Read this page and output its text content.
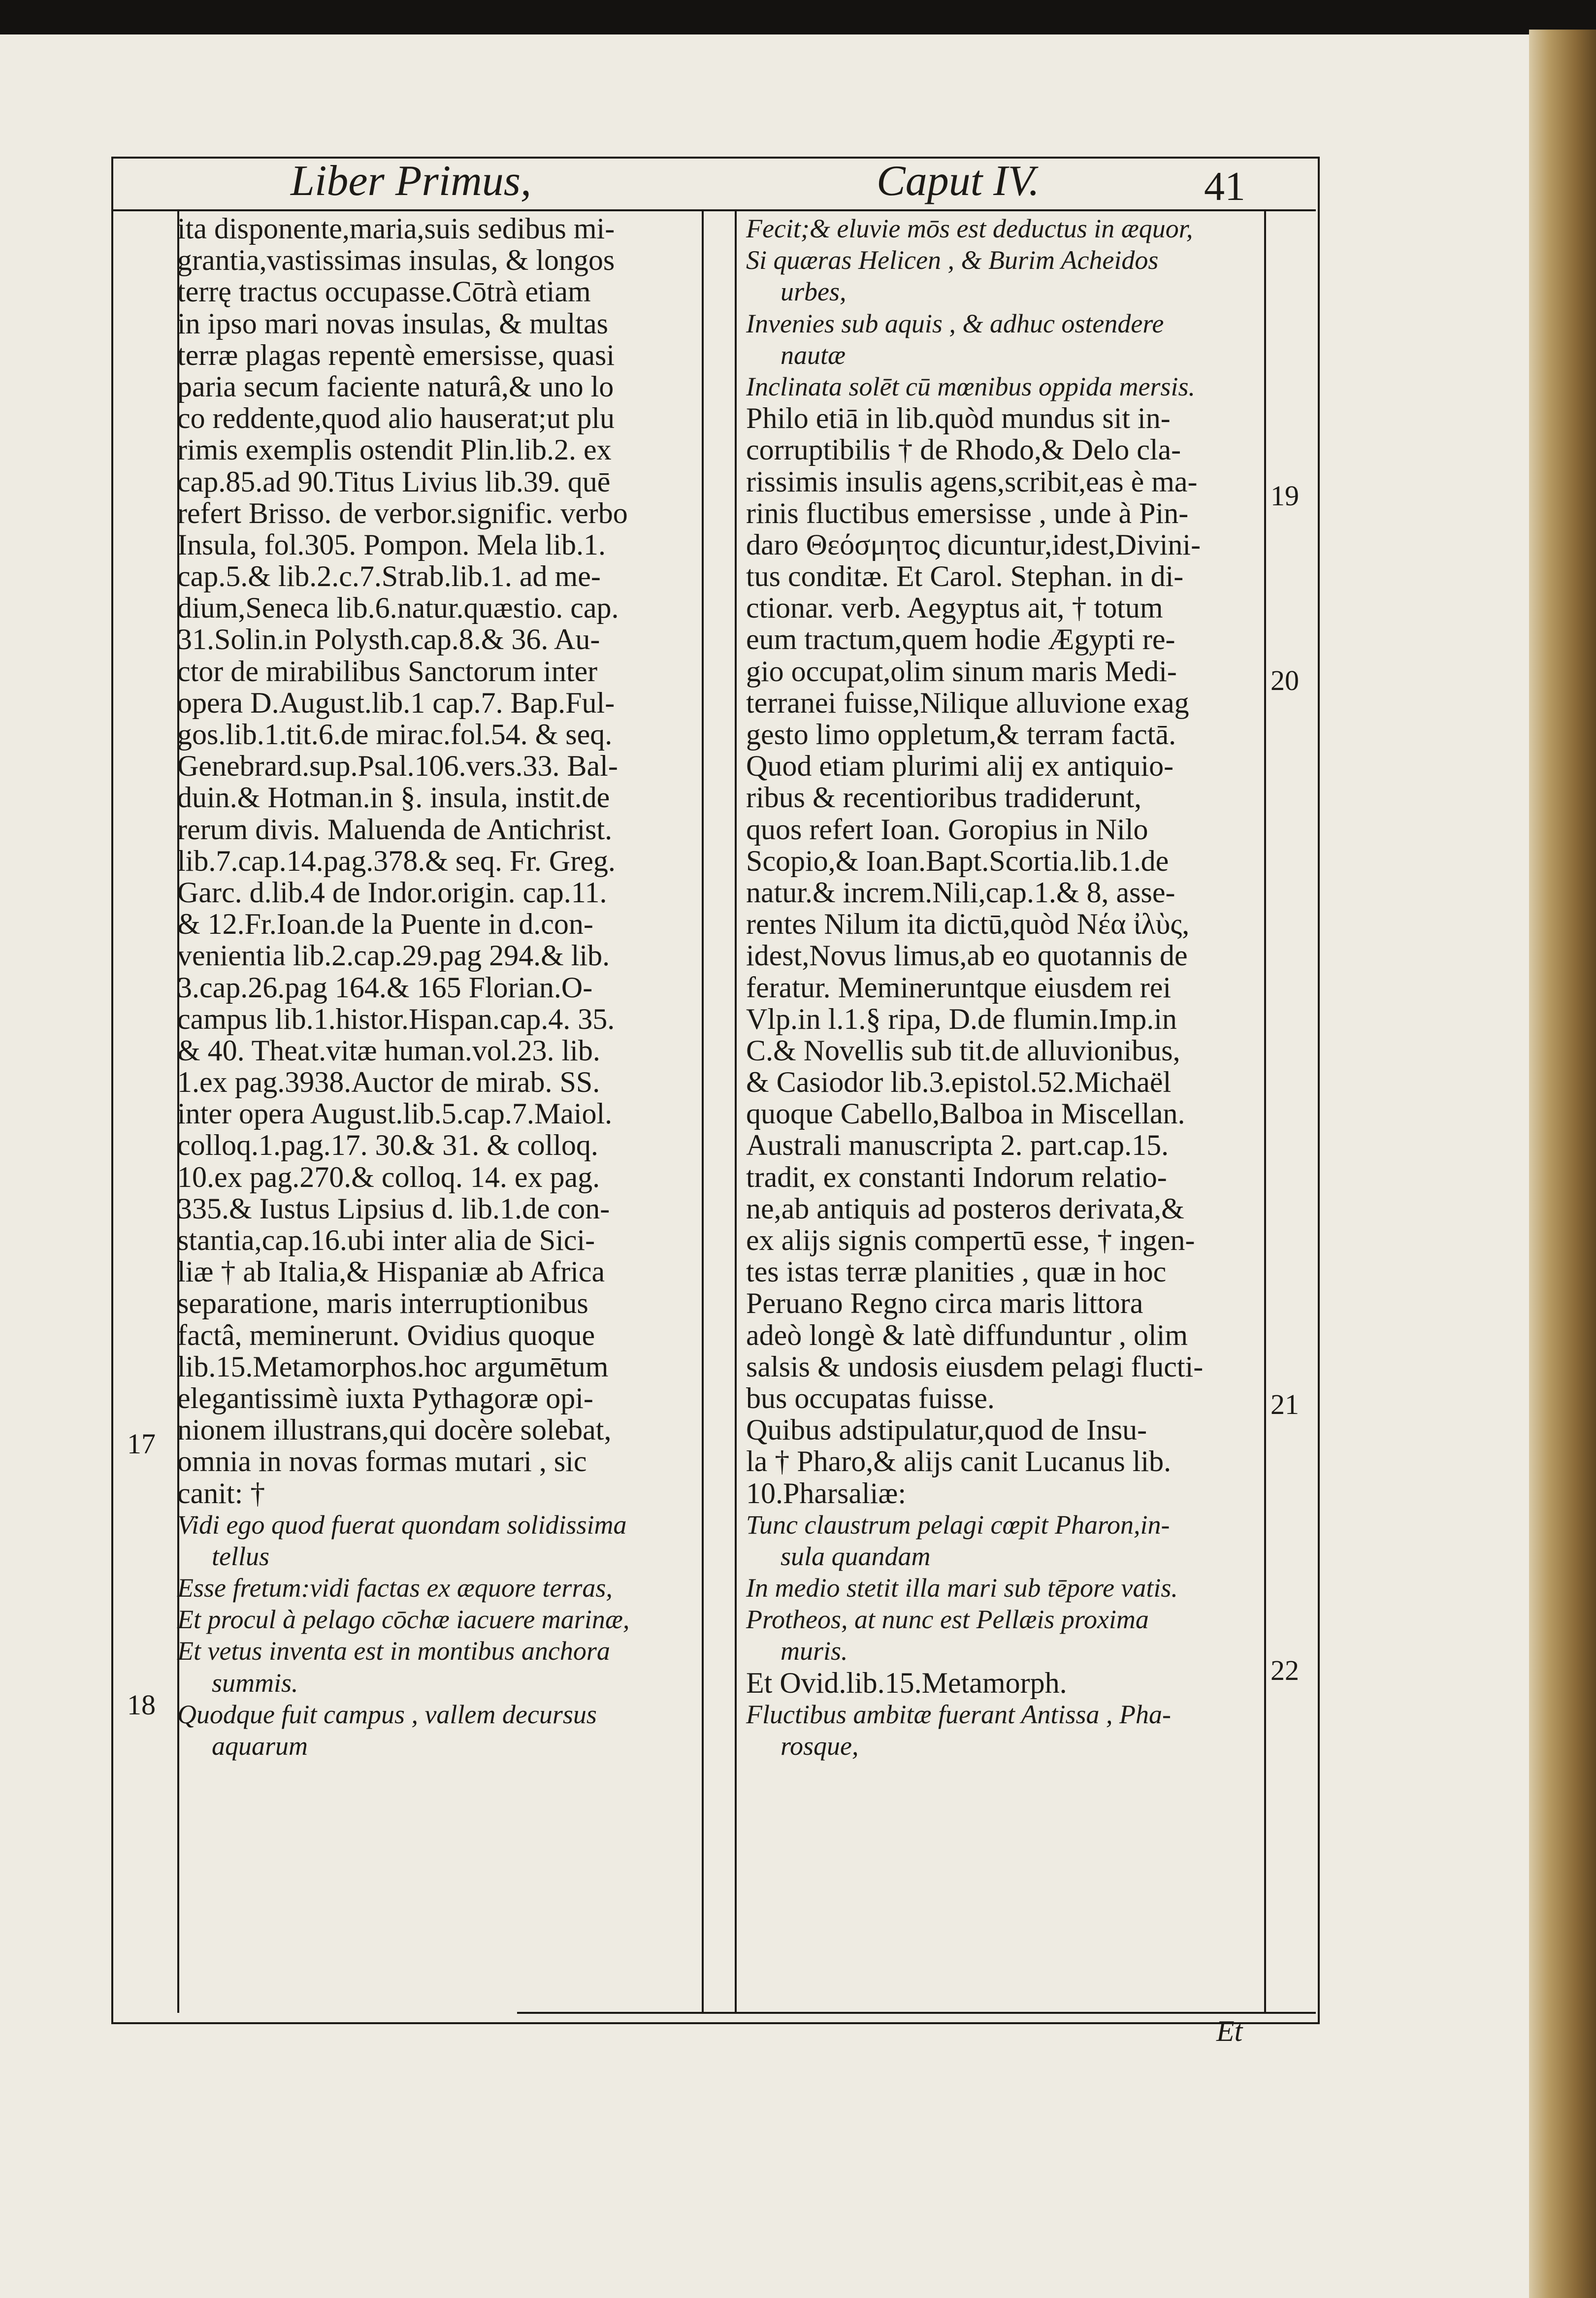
Liber Primus,	Caput IV.	41
ita disponente,maria,suis sedibus mi-
grantia,vastissimas insulas, & longos
terrę tractus occupasse.Cōtrà etiam
in ipso mari novas insulas, & multas
terræ plagas repentè emersisse, quasi
paria secum faciente naturâ,& uno lo
co reddente,quod alio hauserat;ut plu
rimis exemplis ostendit Plin.lib.2. ex
cap.85.ad 90.Titus Livius lib.39. quē
refert Brisso. de verbor.signific. verbo
Insula, fol.305. Pompon. Mela lib.1.
cap.5.& lib.2.c.7.Strab.lib.1. ad me-
dium,Seneca lib.6.natur.quæstio. cap.
31.Solin.in Polysth.cap.8.& 36. Au-
ctor de mirabilibus Sanctorum inter
opera D.August.lib.1 cap.7. Bap.Ful-
gos.lib.1.tit.6.de mirac.fol.54. & seq.
Genebrard.sup.Psal.106.vers.33. Bal-
duin.& Hotman.in §. insula, instit.de
rerum divis. Maluenda de Antichrist.
lib.7.cap.14.pag.378.& seq. Fr. Greg.
Garc. d.lib.4 de Indor.origin. cap.11.
& 12.Fr.Ioan.de la Puente in d.con-
venientia lib.2.cap.29.pag 294.& lib.
3.cap.26.pag 164.& 165 Florian.O-
campus lib.1.histor.Hispan.cap.4. 35.
& 40. Theat.vitæ human.vol.23. lib.
1.ex pag.3938.Auctor de mirab. SS.
inter opera August.lib.5.cap.7.Maiol.
colloq.1.pag.17. 30.& 31. & colloq.
10.ex pag.270.& colloq. 14. ex pag.
335.& Iustus Lipsius d. lib.1.de con-
stantia,cap.16.ubi inter alia de Sici-
liæ † ab Italia,& Hispaniæ ab Africa
separatione, maris interruptionibus
factâ, meminerunt. Ovidius quoque
lib.15.Metamorphos.hoc argumētum
elegantissimè iuxta Pythagoræ opi-
nionem illustrans,qui docère solebat,
omnia in novas formas mutari , sic
canit: †
Vidi ego quod fuerat quondam solidissima
tellus
Esse fretum:vidi factas ex æquore terras,
Et procul à pelago cōchæ iacuere marinæ,
Et vetus inventa est in montibus anchora
summis.
Quodque fuit campus , vallem decursus
aquarum
Fecit;& eluvie mōs est deductus in æquor,
Si quæras Helicen , & Burim Acheidos
urbes,
Invenies sub aquis , & adhuc ostendere
nautæ
Inclinata solēt cū mœnibus oppida mersis.
Philo etiā in lib.quòd mundus sit in-
corruptibilis † de Rhodo,& Delo cla-
rissimis insulis agens,scribit,eas è ma-
rinis fluctibus emersisse , unde à Pin-
daro Θεόσμητος dicuntur,idest,Divini-
tus conditæ. Et Carol. Stephan. in di-
ctionar. verb. Aegyptus ait, † totum
eum tractum,quem hodie Ægypti re-
gio occupat,olim sinum maris Medi-
terranei fuisse,Nilique alluvione exag
gesto limo oppletum,& terram factā.
Quod etiam plurimi alij ex antiquio-
ribus & recentioribus tradiderunt,
quos refert Ioan. Goropius in Nilo
Scopio,& Ioan.Bapt.Scortia.lib.1.de
natur.& increm.Nili,cap.1.& 8, asse-
rentes Nilum ita dictū,quòd Νέα ἰλὺς,
idest,Novus limus,ab eo quotannis de
feratur. Memineruntque eiusdem rei
Vlp.in l.1.§ ripa, D.de flumin.Imp.in
C.& Novellis sub tit.de alluvionibus,
& Casiodor lib.3.epistol.52.Michaël
quoque Cabello,Balboa in Miscellan.
Australi manuscripta 2. part.cap.15.
tradit, ex constanti Indorum relatio-
ne,ab antiquis ad posteros derivata,&
ex alijs signis compertū esse, † ingen-
tes istas terræ planities , quæ in hoc
Peruano Regno circa maris littora
adeò longè & latè diffunduntur , olim
salsis & undosis eiusdem pelagi flucti-
bus occupatas fuisse.
Quibus adstipulatur,quod de Insu-
la † Pharo,& alijs canit Lucanus lib.
10.Pharsaliæ:
Tunc claustrum pelagi cœpit Pharon,in-
sula quandam
In medio stetit illa mari sub tēpore vatis.
Protheos, at nunc est Pellæis proxima
muris.
Et Ovid.lib.15.Metamorph.
Fluctibus ambitæ fuerant Antissa , Pha-
rosque,
17
18
19
20
21
22
Et
